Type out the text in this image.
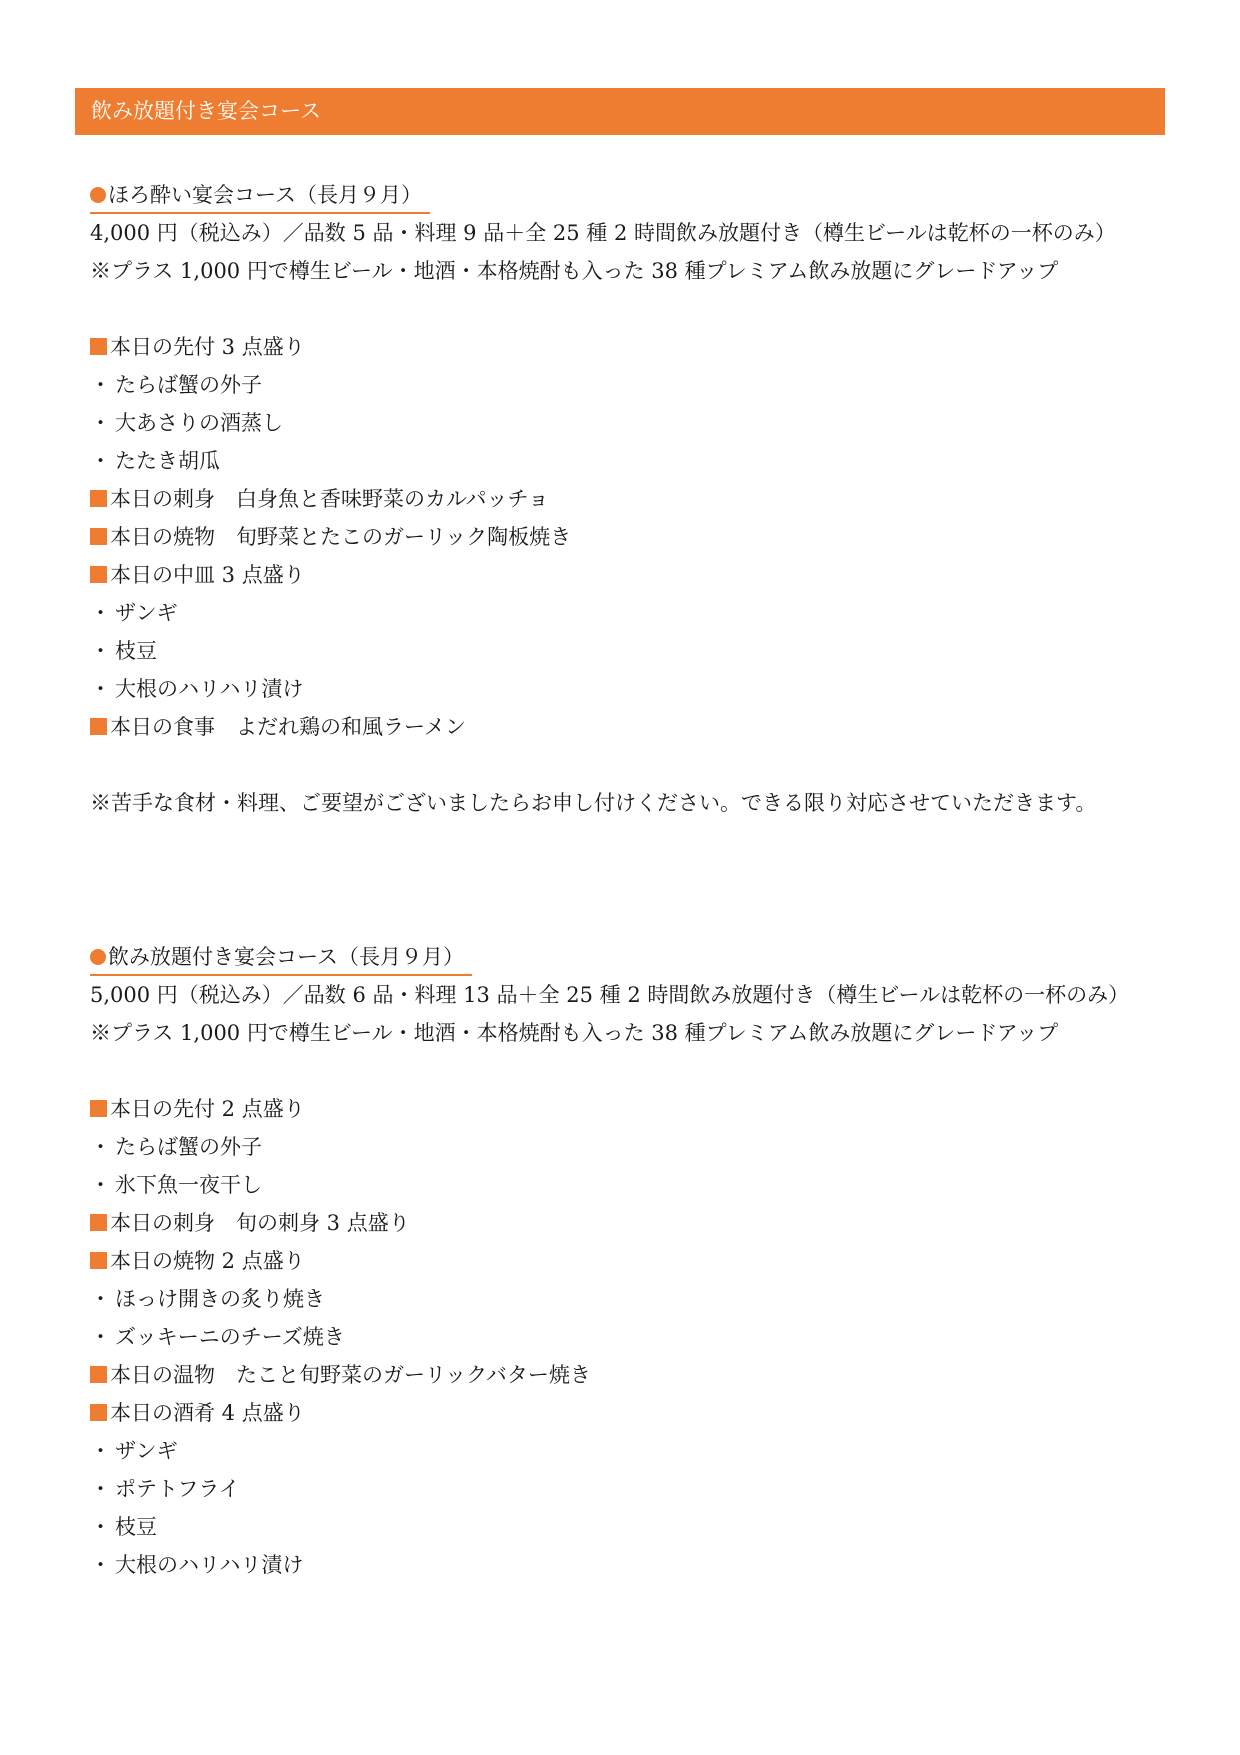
飲み放題付き宴会コース
ほろ酔い宴会コース（長月９月）
4,000 円（税込み）／品数 5 品・料理 9 品＋全 25 種 2 時間飲み放題付き（樽生ビールは乾杯の一杯のみ）
※プラス 1,000 円で樽生ビール・地酒・本格焼酎も入った 38 種プレミアム飲み放題にグレードアップ
本日の先付 3 点盛り
・ たらば蟹の外子
・ 大あさりの酒蒸し
・ たたき胡瓜
本日の刺身　白身魚と香味野菜のカルパッチョ
本日の焼物　旬野菜とたこのガーリック陶板焼き
本日の中皿 3 点盛り
・ ザンギ
・ 枝豆
・ 大根のハリハリ漬け
本日の食事　よだれ鶏の和風ラーメン
※苦手な食材・料理、ご要望がございましたらお申し付けください。できる限り対応させていただきます。
飲み放題付き宴会コース（長月９月）
5,000 円（税込み）／品数 6 品・料理 13 品＋全 25 種 2 時間飲み放題付き（樽生ビールは乾杯の一杯のみ）
※プラス 1,000 円で樽生ビール・地酒・本格焼酎も入った 38 種プレミアム飲み放題にグレードアップ
本日の先付 2 点盛り
・ たらば蟹の外子
・ 氷下魚一夜干し
本日の刺身　旬の刺身 3 点盛り
本日の焼物 2 点盛り
・ ほっけ開きの炙り焼き
・ ズッキーニのチーズ焼き
本日の温物　たこと旬野菜のガーリックバター焼き
本日の酒肴 4 点盛り
・ ザンギ
・ ポテトフライ
・ 枝豆
・ 大根のハリハリ漬け
